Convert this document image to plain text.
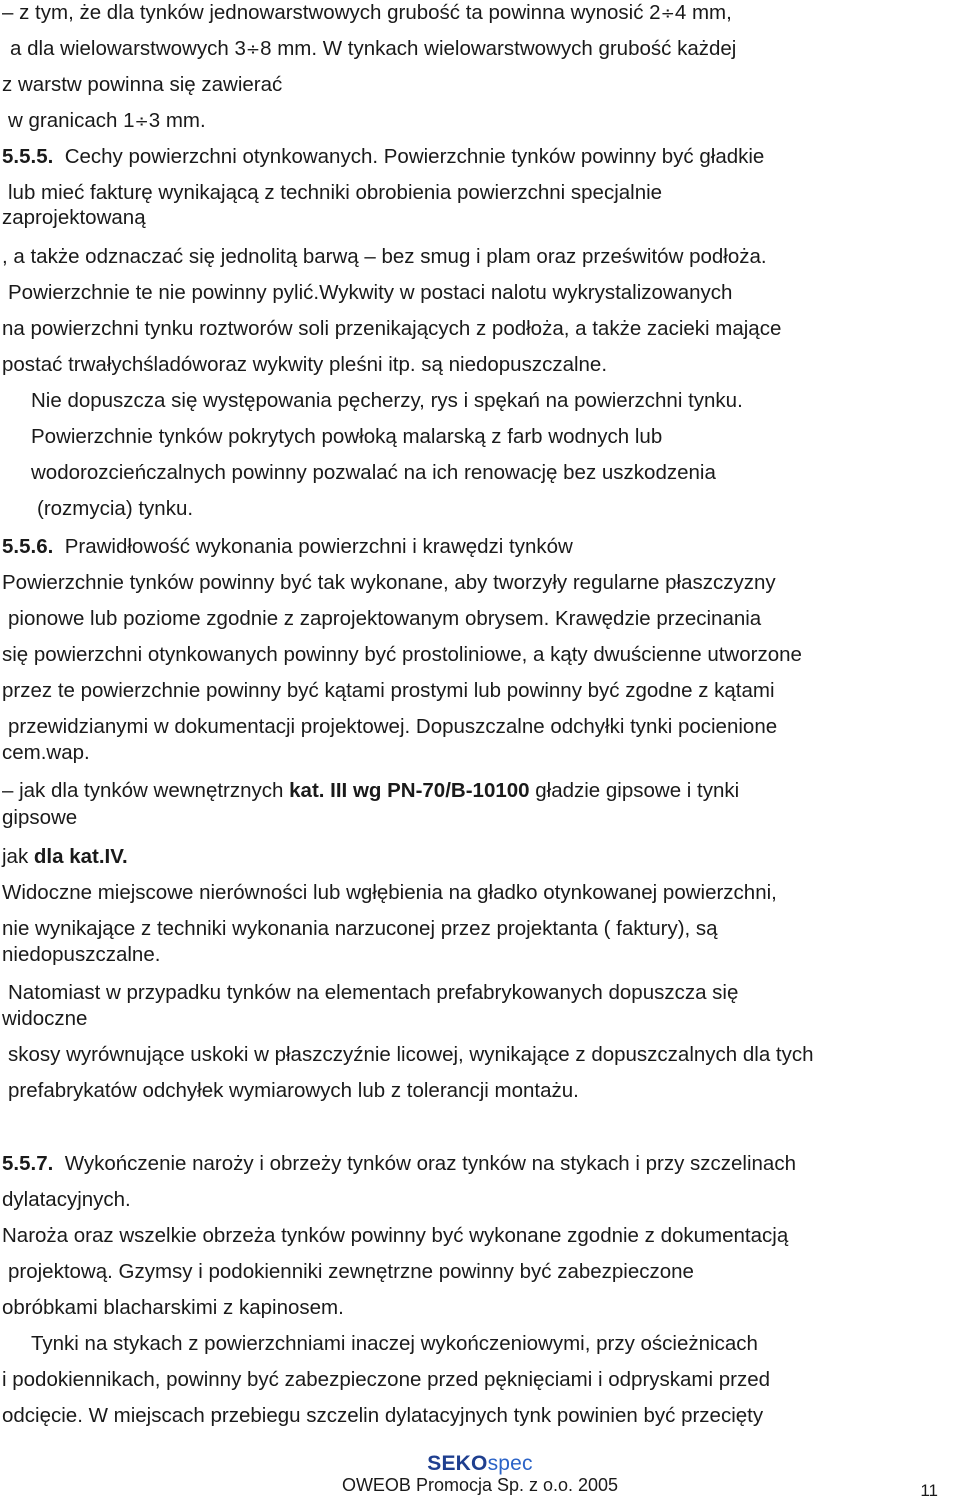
– z tym, że dla tynków jednowarstwowych grubość ta powinna wynosić 2÷4 mm,
a dla wielowarstwowych 3÷8 mm. W tynkach wielowarstwowych grubość każdej
z warstw powinna się zawierać
w granicach 1÷3 mm.
5.5.5. Cechy powierzchni otynkowanych. Powierzchnie tynków powinny być gładkie
lub mieć fakturę wynikającą z techniki obrobienia powierzchni specjalnie
zaprojektowaną
, a także odznaczać się jednolitą barwą – bez smug i plam oraz prześwitów podłoża.
Powierzchnie te nie powinny pylić.Wykwity w postaci nalotu wykrystalizowanych
na powierzchni tynku roztworów soli przenikających z podłoża, a także zacieki mające
postać trwałychśladóworaz wykwity pleśni itp. są niedopuszczalne.
Nie dopuszcza się występowania pęcherzy, rys i spękań na powierzchni tynku.
Powierzchnie tynków pokrytych powłoką malarską z farb wodnych lub
wodorozcieńczalnych powinny pozwalać na ich renowację bez uszkodzenia
(rozmycia) tynku.
5.5.6. Prawidłowość wykonania powierzchni i krawędzi tynków
Powierzchnie tynków powinny być tak wykonane, aby tworzyły regularne płaszczyzny
pionowe lub poziome zgodnie z zaprojektowanym obrysem. Krawędzie przecinania
się powierzchni otynkowanych powinny być prostoliniowe, a kąty dwuścienne utworzone
przez te powierzchnie powinny być kątami prostymi lub powinny być zgodne z kątami
przewidzianymi w dokumentacji projektowej. Dopuszczalne odchyłki tynki pocienione
cem.wap.
– jak dla tynków wewnętrznych kat. III wg PN-70/B-10100 gładzie gipsowe i tynki
gipsowe
jak dla kat.IV.
Widoczne miejscowe nierówności lub wgłębienia na gładko otynkowanej powierzchni,
nie wynikające z techniki wykonania narzuconej przez projektanta ( faktury), są
niedopuszczalne.
Natomiast w przypadku tynków na elementach prefabrykowanych dopuszcza się
widoczne
skosy wyrównujące uskoki w płaszczyźnie licowej, wynikające z dopuszczalnych dla tych
prefabrykatów odchyłek wymiarowych lub z tolerancji montażu.
5.5.7. Wykończenie naroży i obrzeży tynków oraz tynków na stykach i przy szczelinach
dylatacyjnych.
Naroża oraz wszelkie obrzeża tynków powinny być wykonane zgodnie z dokumentacją
projektową. Gzymsy i podokienniki zewnętrzne powinny być zabezpieczone
obróbkami blacharskimi z kapinosem.
Tynki na stykach z powierzchniami inaczej wykończeniowymi, przy ościeżnicach
i podokiennikach, powinny być zabezpieczone przed pęknięciami i odpryskami przed
odcięcie. W miejscach przebiegu szczelin dylatacyjnych tynk powinien być przecięty
SEKOspec
OWEOB Promocja Sp. z o.o. 2005	11
